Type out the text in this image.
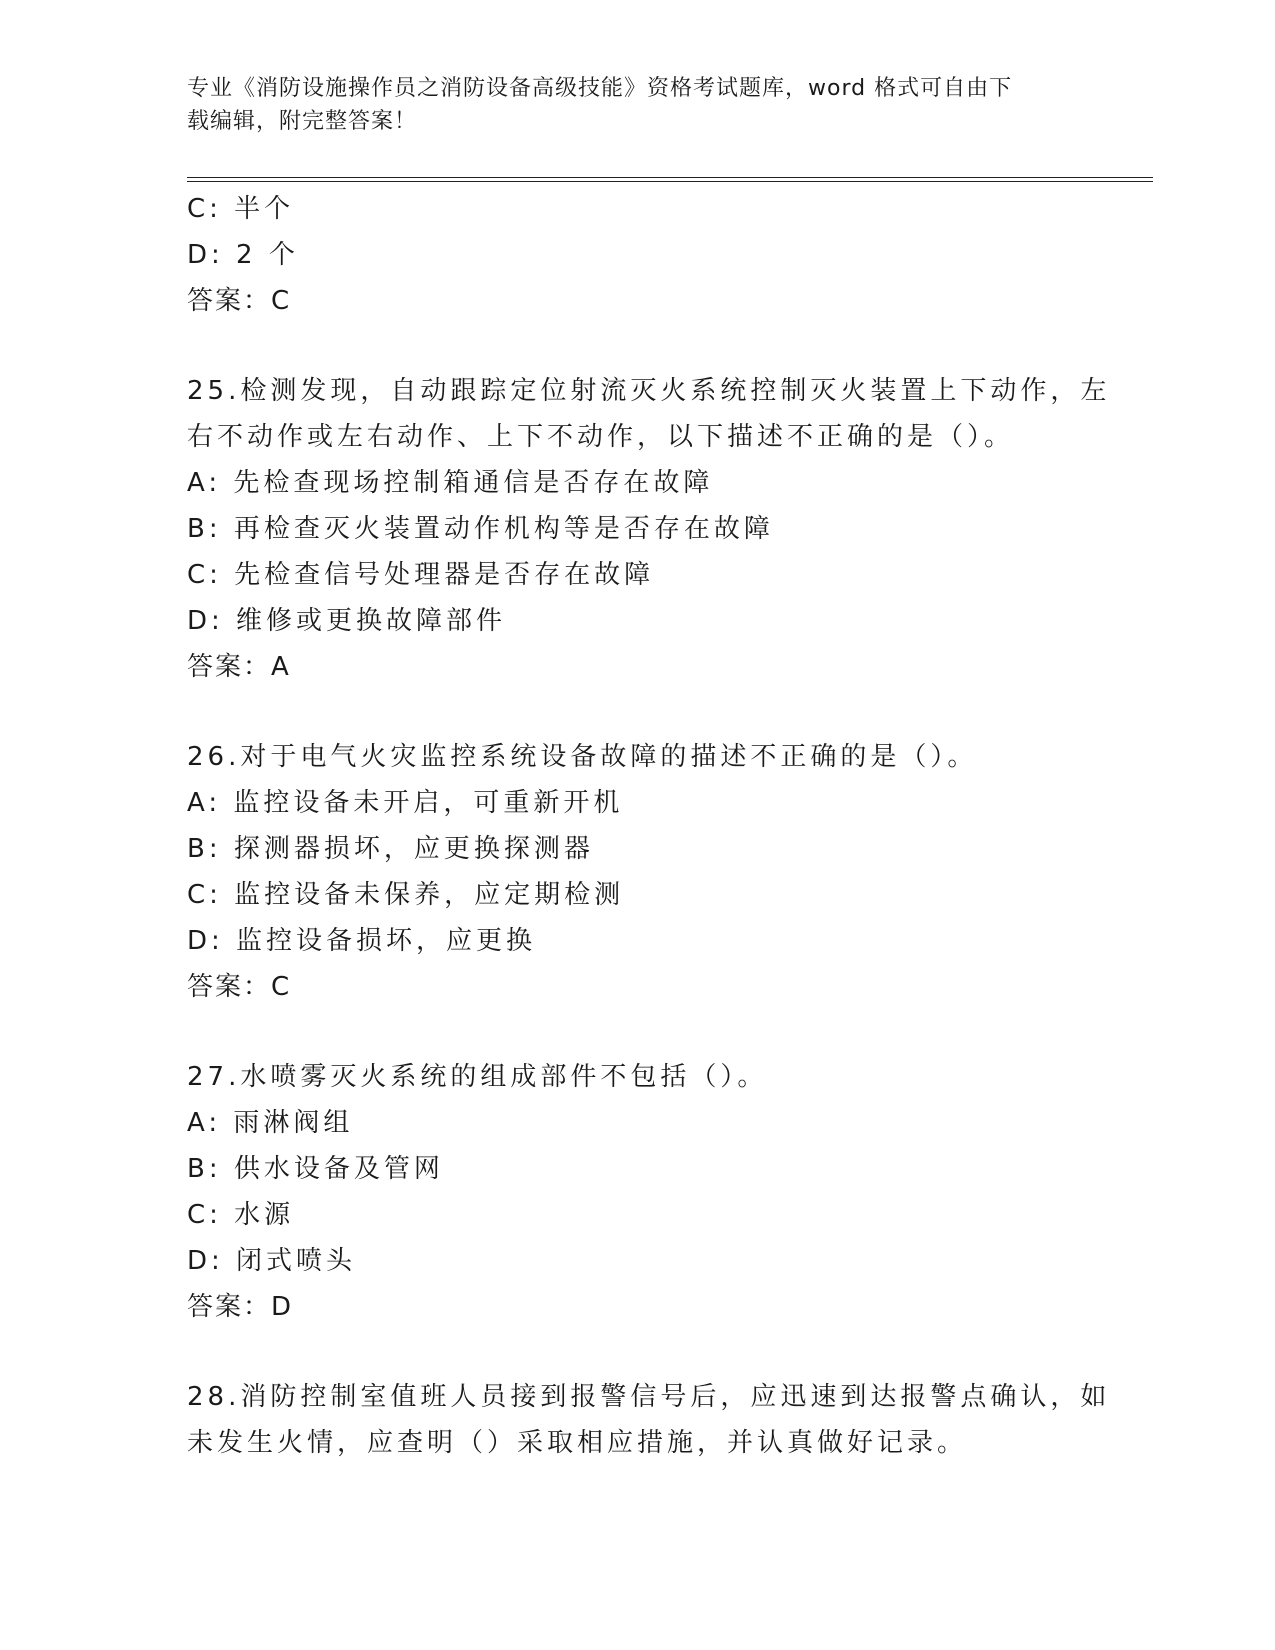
专业《消防设施操作员之消防设备高级技能》资格考试题库，word 格式可自由下
载编辑，附完整答案！
C: 半个
D: 2 个
答案：C
25.检测发现，自动跟踪定位射流灭火系统控制灭火装置上下动作，左
右不动作或左右动作、上下不动作，以下描述不正确的是（）。
A: 先检查现场控制箱通信是否存在故障
B: 再检查灭火装置动作机构等是否存在故障
C: 先检查信号处理器是否存在故障
D: 维修或更换故障部件
答案：A
26.对于电气火灾监控系统设备故障的描述不正确的是（）。
A: 监控设备未开启，可重新开机
B: 探测器损坏，应更换探测器
C: 监控设备未保养，应定期检测
D: 监控设备损坏，应更换
答案：C
27.水喷雾灭火系统的组成部件不包括（）。
A: 雨淋阀组
B: 供水设备及管网
C: 水源
D: 闭式喷头
答案：D
28.消防控制室值班人员接到报警信号后，应迅速到达报警点确认，如
未发生火情，应查明（）采取相应措施，并认真做好记录。
